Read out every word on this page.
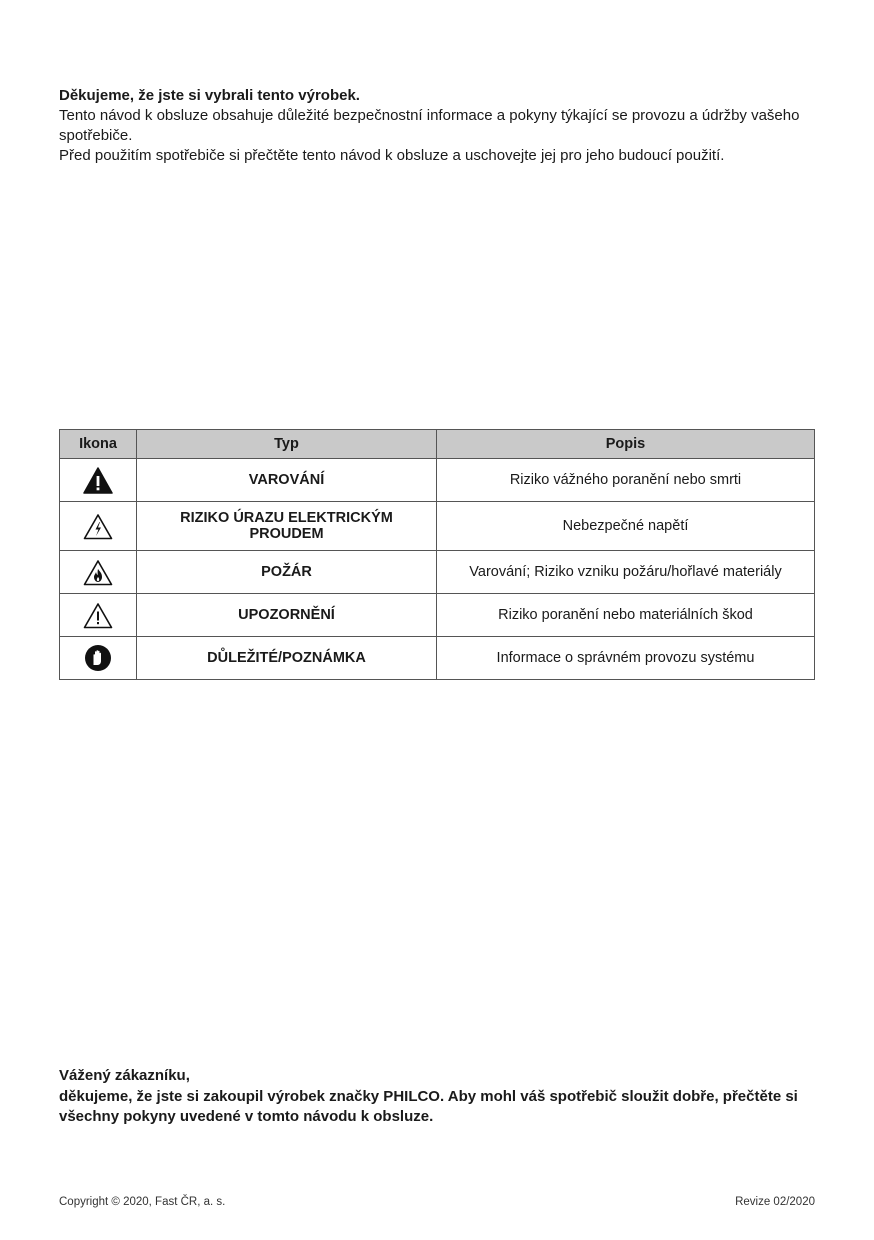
Děkujeme, že jste si vybrali tento výrobek.

Tento návod k obsluze obsahuje důležité bezpečnostní informace a pokyny týkající se provozu a údržby vašeho spotřebiče.

Před použitím spotřebiče si přečtěte tento návod k obsluze a uschovejte jej pro jeho budoucí použití.

Ikona	Typ	Popis
	VAROVÁNÍ	Riziko vážného poranění nebo smrti
	RIZIKO ÚRAZU ELEKTRICKÝM PROUDEM	Nebezpečné napětí
	POŽÁR	Varování; Riziko vzniku požáru/hořlavé materiály
	UPOZORNĚNÍ	Riziko poranění nebo materiálních škod
	DŮLEŽITÉ/POZNÁMKA	Informace o správném provozu systému

Vážený zákazníku,

děkujeme, že jste si zakoupil výrobek značky PHILCO. Aby mohl váš spotřebič sloužit dobře, přečtěte si všechny pokyny uvedené v tomto návodu k obsluze.

Copyright © 2020, Fast ČR, a. s.	Revize 02/2020
